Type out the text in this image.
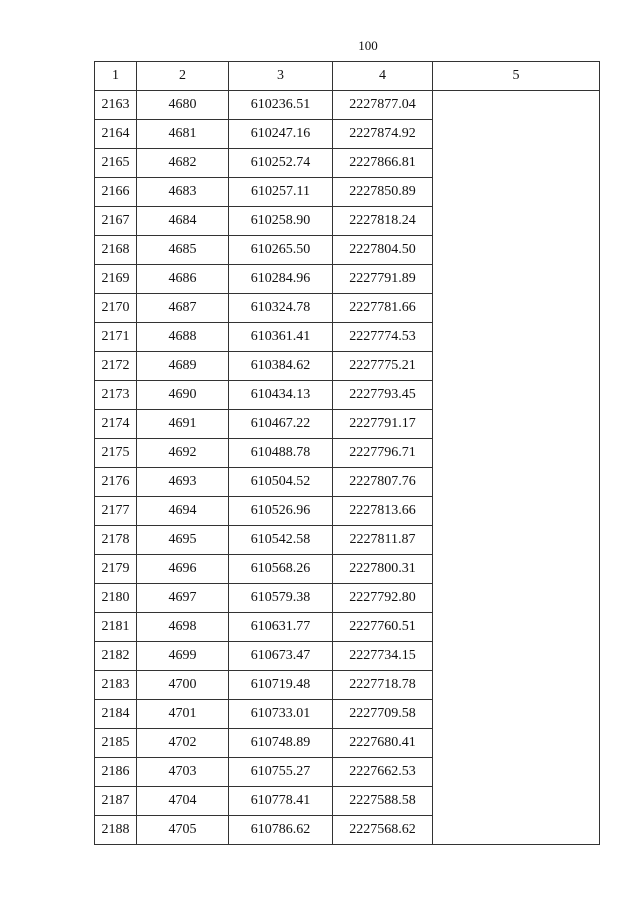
100
1	2	3	4	5
2163	4680	610236.51	2227877.04	
2164	4681	610247.16	2227874.92	
2165	4682	610252.74	2227866.81	
2166	4683	610257.11	2227850.89	
2167	4684	610258.90	2227818.24	
2168	4685	610265.50	2227804.50	
2169	4686	610284.96	2227791.89	
2170	4687	610324.78	2227781.66	
2171	4688	610361.41	2227774.53	
2172	4689	610384.62	2227775.21	
2173	4690	610434.13	2227793.45	
2174	4691	610467.22	2227791.17	
2175	4692	610488.78	2227796.71	
2176	4693	610504.52	2227807.76	
2177	4694	610526.96	2227813.66	
2178	4695	610542.58	2227811.87	
2179	4696	610568.26	2227800.31	
2180	4697	610579.38	2227792.80	
2181	4698	610631.77	2227760.51	
2182	4699	610673.47	2227734.15	
2183	4700	610719.48	2227718.78	
2184	4701	610733.01	2227709.58	
2185	4702	610748.89	2227680.41	
2186	4703	610755.27	2227662.53	
2187	4704	610778.41	2227588.58	
2188	4705	610786.62	2227568.62	
